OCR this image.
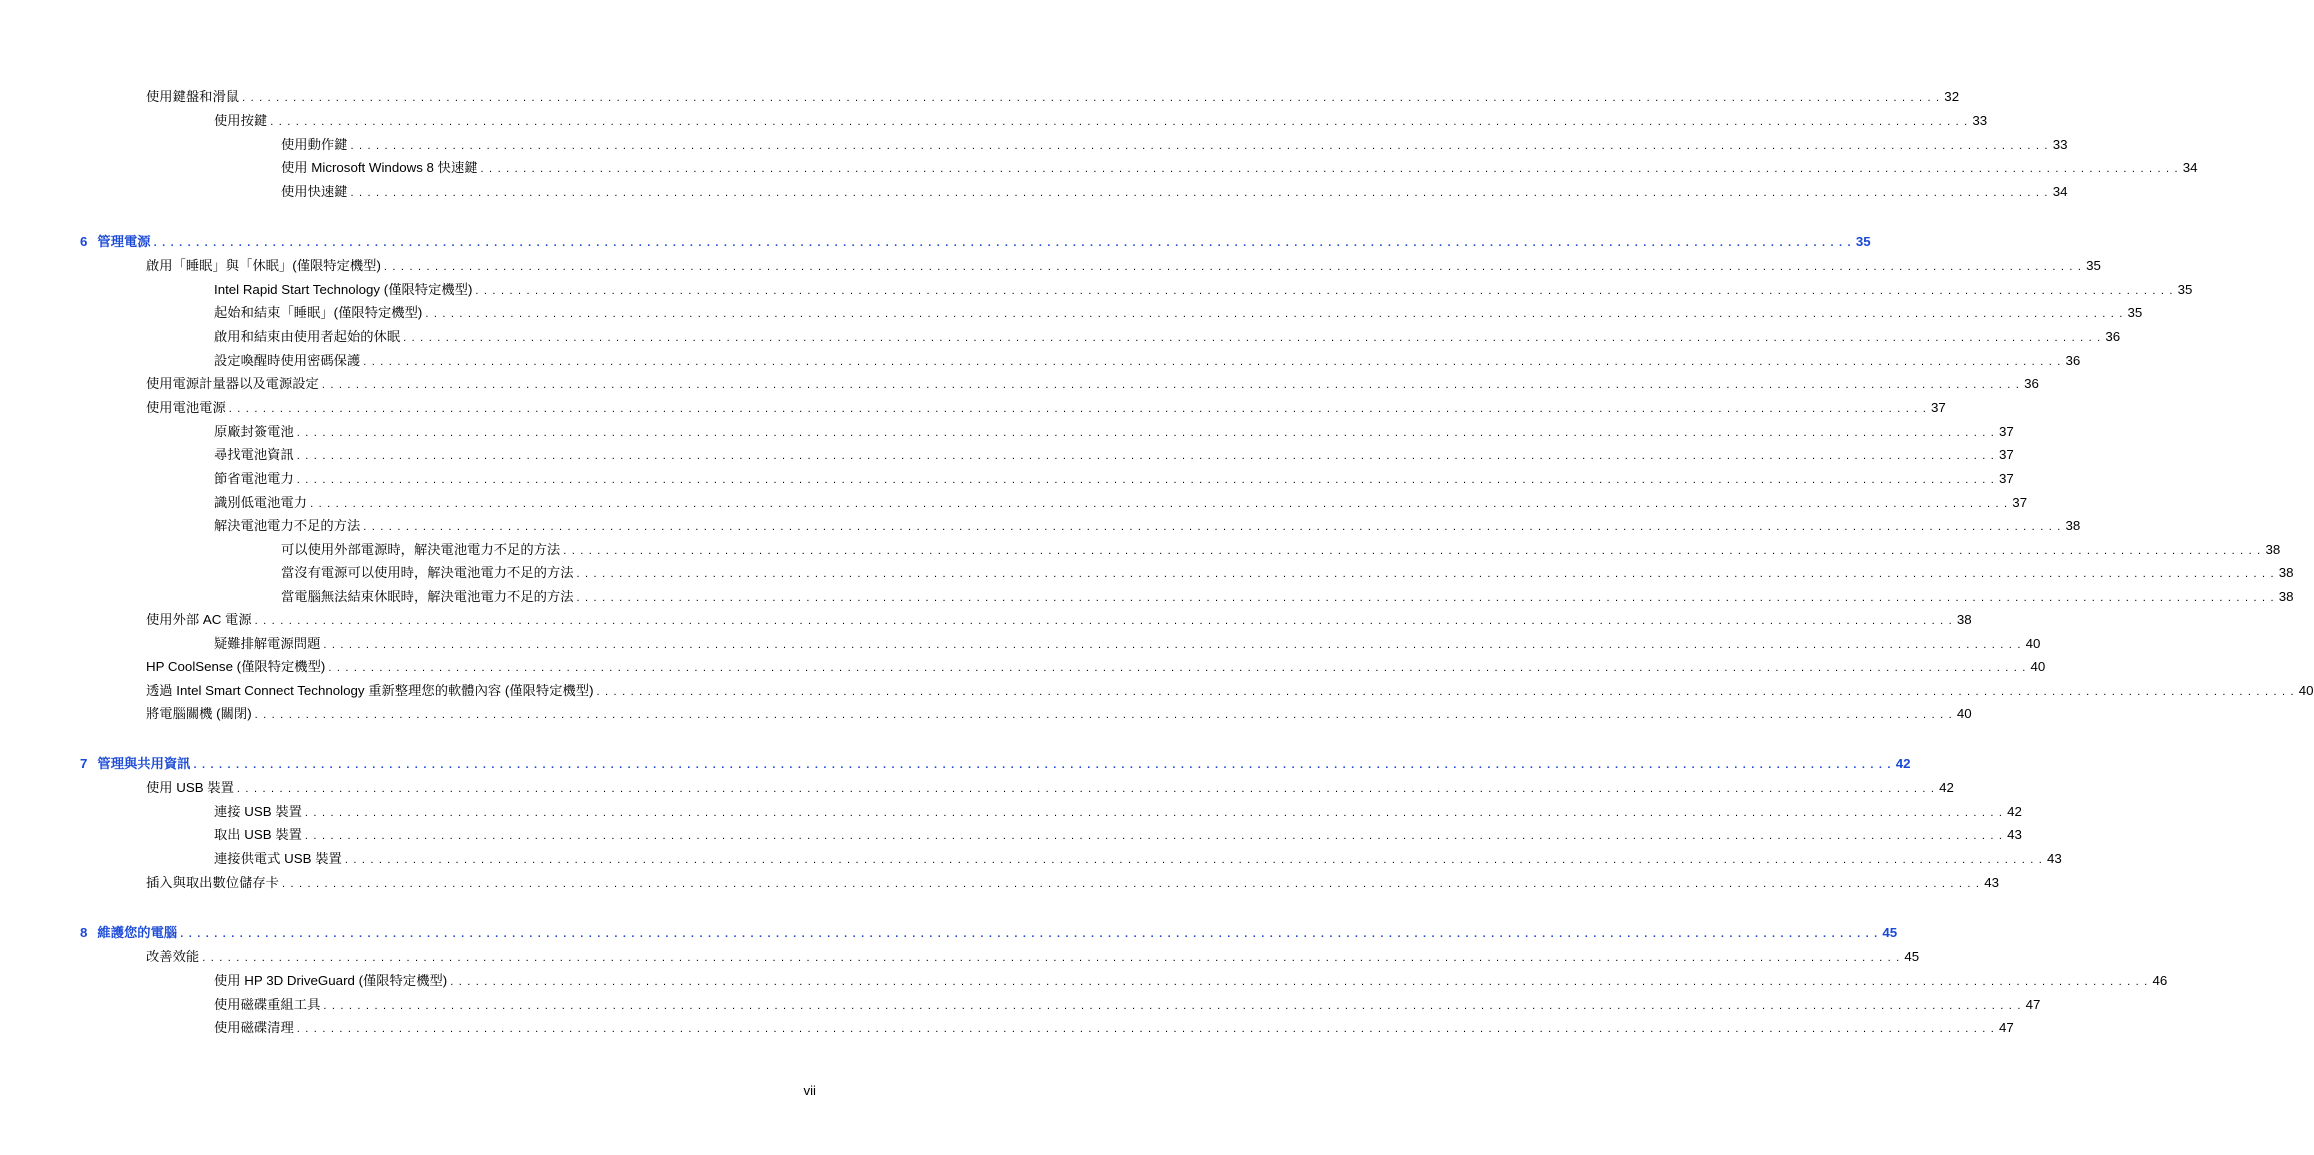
使用鍵盤和滑鼠 . . . . . . . . . . . . . . . . . . . . . . . . . . . . . . . . . . . . . . . . . . . . . . . . . . . . . . . . . . . . . . . . . . . . . . . . . . . . . . . . . . . . . . . . . . . . . . . . . . . . . . . . . . . . . . . . . . . . . . . . . . . . . . . . . . . . . . . . . . . . . . . . . . . . . . . . . . . . . . . . . . . . . . . . . . . . . . . . . . . . . . . . . . . . . . . . . . . . . . . . 32
使用按鍵 . . . . . . . . . . . . . . . . . . . . . . . . . . . . . . . . . . . . . . . . . . . . . . . . . . . . . . . . . . . . . . . . . . . . . . . . . . . . . . . . . . . . . . . . . . . . . . . . . . . . . . . . . . . . . . . . . . . . . . . . . . . . . . . . . . . . . . . . . . . . . . . . . . . . . . . . . . . . . . . . . . . . . . . . . . . . . . . . . . . . . . . . . . . . . . . . . . . . . . . . 33
使用動作鍵 . . . . . . . . . . . . . . . . . . . . . . . . . . . . . . . . . . . . . . . . . . . . . . . . . . . . . . . . . . . . . . . . . . . . . . . . . . . . . . . . . . . . . . . . . . . . . . . . . . . . . . . . . . . . . . . . . . . . . . . . . . . . . . . . . . . . . . . . . . . . . . . . . . . . . . . . . . . . . . . . . . . . . . . . . . . . . . . . . . . . . . . . . . . . . . . . . . . . . . . . 33
使用 Microsoft Windows 8 快速鍵 . . . . . . . . . . . . . . . . . . . . . . . . . . . . . . . . . . . . . . . . . . . . . . . . . . . . . . . . . . . . . . . . . . . . . . . . . . . . . . . . . . . . . . . . . . . . . . . . . . . . . . . . . . . . . . . . . . . . . . . . . . . . . . . . . . . . . . . . . . . . . . . . . . . . . . . . . . . . . . . . . . . . . . . . . . . . . . . . . . . . . . . . . . . . . . . . . . . . . . . . 34
使用快速鍵 . . . . . . . . . . . . . . . . . . . . . . . . . . . . . . . . . . . . . . . . . . . . . . . . . . . . . . . . . . . . . . . . . . . . . . . . . . . . . . . . . . . . . . . . . . . . . . . . . . . . . . . . . . . . . . . . . . . . . . . . . . . . . . . . . . . . . . . . . . . . . . . . . . . . . . . . . . . . . . . . . . . . . . . . . . . . . . . . . . . . . . . . . . . . . . . . . . . . . . . . 34
6 管理電源 . . . . . . . . . . . . . . . . . . . . . . . . . . . . . . . . . . . . . . . . . . . . . . . . . . . . . . . . . . . . . . . . . . . . . . . . . . . . . . . . . . . . . . . . . . . . . . . . . . . . . . . . . . . . . . . . . . . . . . . . . . . . . . . . . . . . . . . . . . . . . . . . . . . . . . . . . . . . . . . . . . . . . . . . . . . . . . . . . . . . . . . . . . . . . . . . . . . . . . . . 35
啟用「睡眠」與「休眠」(僅限特定機型) . . . . . . . . . . . . . . . . . . . . . . . . . . . . . . . . . . . . . . . . . . . . . . . . . . . . . . . . . . . . . . . . . . . . . . . . . . . . . . . . . . . . . . . . . . . . . . . . . . . . . . . . . . . . . . . . . . . . . . . . . . . . . . . . . . . . . . . . . . . . . . . . . . . . . . . . . . . . . . . . . . . . . . . . . . . . . . . . . . . . . . . . . . . . . . . . . . . . . . . . 35
Intel Rapid Start Technology (僅限特定機型) . . . . . . . . . . . . . . . . . . . . . . . . . . . . . . . . . . . . . . . . . . . . . . . . . . . . . . . . . . . . . . . . . . . . . . . . . . . . . . . . . . . . . . . . . . . . . . . . . . . . . . . . . . . . . . . . . . . . . . . . . . . . . . . . . . . . . . . . . . . . . . . . . . . . . . . . . . . . . . . . . . . . . . . . . . . . . . . . . . . . . . . . . . . . . . . . . . . . . . . . 35
起始和結束「睡眠」(僅限特定機型) . . . . . . . . . . . . . . . . . . . . . . . . . . . . . . . . . . . . . . . . . . . . . . . . . . . . . . . . . . . . . . . . . . . . . . . . . . . . . . . . . . . . . . . . . . . . . . . . . . . . . . . . . . . . . . . . . . . . . . . . . . . . . . . . . . . . . . . . . . . . . . . . . . . . . . . . . . . . . . . . . . . . . . . . . . . . . . . . . . . . . . . . . . . . . . . . . . . . . . . . 35
啟用和結束由使用者起始的休眠 . . . . . . . . . . . . . . . . . . . . . . . . . . . . . . . . . . . . . . . . . . . . . . . . . . . . . . . . . . . . . . . . . . . . . . . . . . . . . . . . . . . . . . . . . . . . . . . . . . . . . . . . . . . . . . . . . . . . . . . . . . . . . . . . . . . . . . . . . . . . . . . . . . . . . . . . . . . . . . . . . . . . . . . . . . . . . . . . . . . . . . . . . . . . . . . . . . . . . . . . 36
設定喚醒時使用密碼保護 . . . . . . . . . . . . . . . . . . . . . . . . . . . . . . . . . . . . . . . . . . . . . . . . . . . . . . . . . . . . . . . . . . . . . . . . . . . . . . . . . . . . . . . . . . . . . . . . . . . . . . . . . . . . . . . . . . . . . . . . . . . . . . . . . . . . . . . . . . . . . . . . . . . . . . . . . . . . . . . . . . . . . . . . . . . . . . . . . . . . . . . . . . . . . . . . . . . . . . . . 36
使用電源計量器以及電源設定 . . . . . . . . . . . . . . . . . . . . . . . . . . . . . . . . . . . . . . . . . . . . . . . . . . . . . . . . . . . . . . . . . . . . . . . . . . . . . . . . . . . . . . . . . . . . . . . . . . . . . . . . . . . . . . . . . . . . . . . . . . . . . . . . . . . . . . . . . . . . . . . . . . . . . . . . . . . . . . . . . . . . . . . . . . . . . . . . . . . . . . . . . . . . . . . . . . . . . . . . 36
使用電池電源 . . . . . . . . . . . . . . . . . . . . . . . . . . . . . . . . . . . . . . . . . . . . . . . . . . . . . . . . . . . . . . . . . . . . . . . . . . . . . . . . . . . . . . . . . . . . . . . . . . . . . . . . . . . . . . . . . . . . . . . . . . . . . . . . . . . . . . . . . . . . . . . . . . . . . . . . . . . . . . . . . . . . . . . . . . . . . . . . . . . . . . . . . . . . . . . . . . . . . . . . 37
原廠封簽電池 . . . . . . . . . . . . . . . . . . . . . . . . . . . . . . . . . . . . . . . . . . . . . . . . . . . . . . . . . . . . . . . . . . . . . . . . . . . . . . . . . . . . . . . . . . . . . . . . . . . . . . . . . . . . . . . . . . . . . . . . . . . . . . . . . . . . . . . . . . . . . . . . . . . . . . . . . . . . . . . . . . . . . . . . . . . . . . . . . . . . . . . . . . . . . . . . . . . . . . . . 37
尋找電池資訊 . . . . . . . . . . . . . . . . . . . . . . . . . . . . . . . . . . . . . . . . . . . . . . . . . . . . . . . . . . . . . . . . . . . . . . . . . . . . . . . . . . . . . . . . . . . . . . . . . . . . . . . . . . . . . . . . . . . . . . . . . . . . . . . . . . . . . . . . . . . . . . . . . . . . . . . . . . . . . . . . . . . . . . . . . . . . . . . . . . . . . . . . . . . . . . . . . . . . . . . . 37
節省電池電力 . . . . . . . . . . . . . . . . . . . . . . . . . . . . . . . . . . . . . . . . . . . . . . . . . . . . . . . . . . . . . . . . . . . . . . . . . . . . . . . . . . . . . . . . . . . . . . . . . . . . . . . . . . . . . . . . . . . . . . . . . . . . . . . . . . . . . . . . . . . . . . . . . . . . . . . . . . . . . . . . . . . . . . . . . . . . . . . . . . . . . . . . . . . . . . . . . . . . . . . . 37
識別低電池電力 . . . . . . . . . . . . . . . . . . . . . . . . . . . . . . . . . . . . . . . . . . . . . . . . . . . . . . . . . . . . . . . . . . . . . . . . . . . . . . . . . . . . . . . . . . . . . . . . . . . . . . . . . . . . . . . . . . . . . . . . . . . . . . . . . . . . . . . . . . . . . . . . . . . . . . . . . . . . . . . . . . . . . . . . . . . . . . . . . . . . . . . . . . . . . . . . . . . . . . . . 37
解決電池電力不足的方法 . . . . . . . . . . . . . . . . . . . . . . . . . . . . . . . . . . . . . . . . . . . . . . . . . . . . . . . . . . . . . . . . . . . . . . . . . . . . . . . . . . . . . . . . . . . . . . . . . . . . . . . . . . . . . . . . . . . . . . . . . . . . . . . . . . . . . . . . . . . . . . . . . . . . . . . . . . . . . . . . . . . . . . . . . . . . . . . . . . . . . . . . . . . . . . . . . . . . . . . . 38
可以使用外部電源時，解決電池電力不足的方法 . . . . . . . . . . . . . . . . . . . . . . . . . . . . . . . . . . . . . . . . . . . . . . . . . . . . . . . . . . . . . . . . . . . . . . . . . . . . . . . . . . . . . . . . . . . . . . . . . . . . . . . . . . . . . . . . . . . . . . . . . . . . . . . . . . . . . . . . . . . . . . . . . . . . . . . . . . . . . . . . . . . . . . . . . . . . . . . . . . . . . . . . . . . . . . . . . . . . . . . . 38
當沒有電源可以使用時，解決電池電力不足的方法 . . . . . . . . . . . . . . . . . . . . . . . . . . . . . . . . . . . . . . . . . . . . . . . . . . . . . . . . . . . . . . . . . . . . . . . . . . . . . . . . . . . . . . . . . . . . . . . . . . . . . . . . . . . . . . . . . . . . . . . . . . . . . . . . . . . . . . . . . . . . . . . . . . . . . . . . . . . . . . . . . . . . . . . . . . . . . . . . . . . . . . . . . . . . . . . . . . . . . . . . 38
當電腦無法結束休眠時，解決電池電力不足的方法 . . . . . . . . . . . . . . . . . . . . . . . . . . . . . . . . . . . . . . . . . . . . . . . . . . . . . . . . . . . . . . . . . . . . . . . . . . . . . . . . . . . . . . . . . . . . . . . . . . . . . . . . . . . . . . . . . . . . . . . . . . . . . . . . . . . . . . . . . . . . . . . . . . . . . . . . . . . . . . . . . . . . . . . . . . . . . . . . . . . . . . . . . . . . . . . . . . . . . . . . 38
使用外部 AC 電源 . . . . . . . . . . . . . . . . . . . . . . . . . . . . . . . . . . . . . . . . . . . . . . . . . . . . . . . . . . . . . . . . . . . . . . . . . . . . . . . . . . . . . . . . . . . . . . . . . . . . . . . . . . . . . . . . . . . . . . . . . . . . . . . . . . . . . . . . . . . . . . . . . . . . . . . . . . . . . . . . . . . . . . . . . . . . . . . . . . . . . . . . . . . . . . . . . . . . . . . . 38
疑難排解電源問題 . . . . . . . . . . . . . . . . . . . . . . . . . . . . . . . . . . . . . . . . . . . . . . . . . . . . . . . . . . . . . . . . . . . . . . . . . . . . . . . . . . . . . . . . . . . . . . . . . . . . . . . . . . . . . . . . . . . . . . . . . . . . . . . . . . . . . . . . . . . . . . . . . . . . . . . . . . . . . . . . . . . . . . . . . . . . . . . . . . . . . . . . . . . . . . . . . . . . . . . . 40
HP CoolSense (僅限特定機型) . . . . . . . . . . . . . . . . . . . . . . . . . . . . . . . . . . . . . . . . . . . . . . . . . . . . . . . . . . . . . . . . . . . . . . . . . . . . . . . . . . . . . . . . . . . . . . . . . . . . . . . . . . . . . . . . . . . . . . . . . . . . . . . . . . . . . . . . . . . . . . . . . . . . . . . . . . . . . . . . . . . . . . . . . . . . . . . . . . . . . . . . . . . . . . . . . . . . . . . . 40
透過 Intel Smart Connect Technology 重新整理您的軟體內容 (僅限特定機型) . . . . . . . . . . . . . . . . . . . . . . . . . . . . . . . . . . . . . . . . . . . . . . . . . . . . . . . . . . . . . . . . . . . . . . . . . . . . . . . . . . . . . . . . . . . . . . . . . . . . . . . . . . . . . . . . . . . . . . . . . . . . . . . . . . . . . . . . . . . . . . . . . . . . . . . . . . . . . . . . . . . . . . . . . . . . . . . . . . . . . . . . . . . . . . . . . . . . . . . . 40
將電腦關機 (關閉) . . . . . . . . . . . . . . . . . . . . . . . . . . . . . . . . . . . . . . . . . . . . . . . . . . . . . . . . . . . . . . . . . . . . . . . . . . . . . . . . . . . . . . . . . . . . . . . . . . . . . . . . . . . . . . . . . . . . . . . . . . . . . . . . . . . . . . . . . . . . . . . . . . . . . . . . . . . . . . . . . . . . . . . . . . . . . . . . . . . . . . . . . . . . . . . . . . . . . . . . 40
7 管理與共用資訊 . . . . . . . . . . . . . . . . . . . . . . . . . . . . . . . . . . . . . . . . . . . . . . . . . . . . . . . . . . . . . . . . . . . . . . . . . . . . . . . . . . . . . . . . . . . . . . . . . . . . . . . . . . . . . . . . . . . . . . . . . . . . . . . . . . . . . . . . . . . . . . . . . . . . . . . . . . . . . . . . . . . . . . . . . . . . . . . . . . . . . . . . . . . . . . . . . . . . . . . . 42
使用 USB 裝置 . . . . . . . . . . . . . . . . . . . . . . . . . . . . . . . . . . . . . . . . . . . . . . . . . . . . . . . . . . . . . . . . . . . . . . . . . . . . . . . . . . . . . . . . . . . . . . . . . . . . . . . . . . . . . . . . . . . . . . . . . . . . . . . . . . . . . . . . . . . . . . . . . . . . . . . . . . . . . . . . . . . . . . . . . . . . . . . . . . . . . . . . . . . . . . . . . . . . . . . . 42
連接 USB 裝置 . . . . . . . . . . . . . . . . . . . . . . . . . . . . . . . . . . . . . . . . . . . . . . . . . . . . . . . . . . . . . . . . . . . . . . . . . . . . . . . . . . . . . . . . . . . . . . . . . . . . . . . . . . . . . . . . . . . . . . . . . . . . . . . . . . . . . . . . . . . . . . . . . . . . . . . . . . . . . . . . . . . . . . . . . . . . . . . . . . . . . . . . . . . . . . . . . . . . . . . . 42
取出 USB 裝置 . . . . . . . . . . . . . . . . . . . . . . . . . . . . . . . . . . . . . . . . . . . . . . . . . . . . . . . . . . . . . . . . . . . . . . . . . . . . . . . . . . . . . . . . . . . . . . . . . . . . . . . . . . . . . . . . . . . . . . . . . . . . . . . . . . . . . . . . . . . . . . . . . . . . . . . . . . . . . . . . . . . . . . . . . . . . . . . . . . . . . . . . . . . . . . . . . . . . . . . . 43
連接供電式 USB 裝置 . . . . . . . . . . . . . . . . . . . . . . . . . . . . . . . . . . . . . . . . . . . . . . . . . . . . . . . . . . . . . . . . . . . . . . . . . . . . . . . . . . . . . . . . . . . . . . . . . . . . . . . . . . . . . . . . . . . . . . . . . . . . . . . . . . . . . . . . . . . . . . . . . . . . . . . . . . . . . . . . . . . . . . . . . . . . . . . . . . . . . . . . . . . . . . . . . . . . . . . . 43
插入與取出數位儲存卡 . . . . . . . . . . . . . . . . . . . . . . . . . . . . . . . . . . . . . . . . . . . . . . . . . . . . . . . . . . . . . . . . . . . . . . . . . . . . . . . . . . . . . . . . . . . . . . . . . . . . . . . . . . . . . . . . . . . . . . . . . . . . . . . . . . . . . . . . . . . . . . . . . . . . . . . . . . . . . . . . . . . . . . . . . . . . . . . . . . . . . . . . . . . . . . . . . . . . . . . . 43
8 維護您的電腦 . . . . . . . . . . . . . . . . . . . . . . . . . . . . . . . . . . . . . . . . . . . . . . . . . . . . . . . . . . . . . . . . . . . . . . . . . . . . . . . . . . . . . . . . . . . . . . . . . . . . . . . . . . . . . . . . . . . . . . . . . . . . . . . . . . . . . . . . . . . . . . . . . . . . . . . . . . . . . . . . . . . . . . . . . . . . . . . . . . . . . . . . . . . . . . . . . . . . . . . . 45
改善效能 . . . . . . . . . . . . . . . . . . . . . . . . . . . . . . . . . . . . . . . . . . . . . . . . . . . . . . . . . . . . . . . . . . . . . . . . . . . . . . . . . . . . . . . . . . . . . . . . . . . . . . . . . . . . . . . . . . . . . . . . . . . . . . . . . . . . . . . . . . . . . . . . . . . . . . . . . . . . . . . . . . . . . . . . . . . . . . . . . . . . . . . . . . . . . . . . . . . . . . . . 45
使用 HP 3D DriveGuard (僅限特定機型) . . . . . . . . . . . . . . . . . . . . . . . . . . . . . . . . . . . . . . . . . . . . . . . . . . . . . . . . . . . . . . . . . . . . . . . . . . . . . . . . . . . . . . . . . . . . . . . . . . . . . . . . . . . . . . . . . . . . . . . . . . . . . . . . . . . . . . . . . . . . . . . . . . . . . . . . . . . . . . . . . . . . . . . . . . . . . . . . . . . . . . . . . . . . . . . . . . . . . . . . 46
使用磁碟重組工具 . . . . . . . . . . . . . . . . . . . . . . . . . . . . . . . . . . . . . . . . . . . . . . . . . . . . . . . . . . . . . . . . . . . . . . . . . . . . . . . . . . . . . . . . . . . . . . . . . . . . . . . . . . . . . . . . . . . . . . . . . . . . . . . . . . . . . . . . . . . . . . . . . . . . . . . . . . . . . . . . . . . . . . . . . . . . . . . . . . . . . . . . . . . . . . . . . . . . . . . . 47
使用磁碟清理 . . . . . . . . . . . . . . . . . . . . . . . . . . . . . . . . . . . . . . . . . . . . . . . . . . . . . . . . . . . . . . . . . . . . . . . . . . . . . . . . . . . . . . . . . . . . . . . . . . . . . . . . . . . . . . . . . . . . . . . . . . . . . . . . . . . . . . . . . . . . . . . . . . . . . . . . . . . . . . . . . . . . . . . . . . . . . . . . . . . . . . . . . . . . . . . . . . . . . . . . 47
vii
